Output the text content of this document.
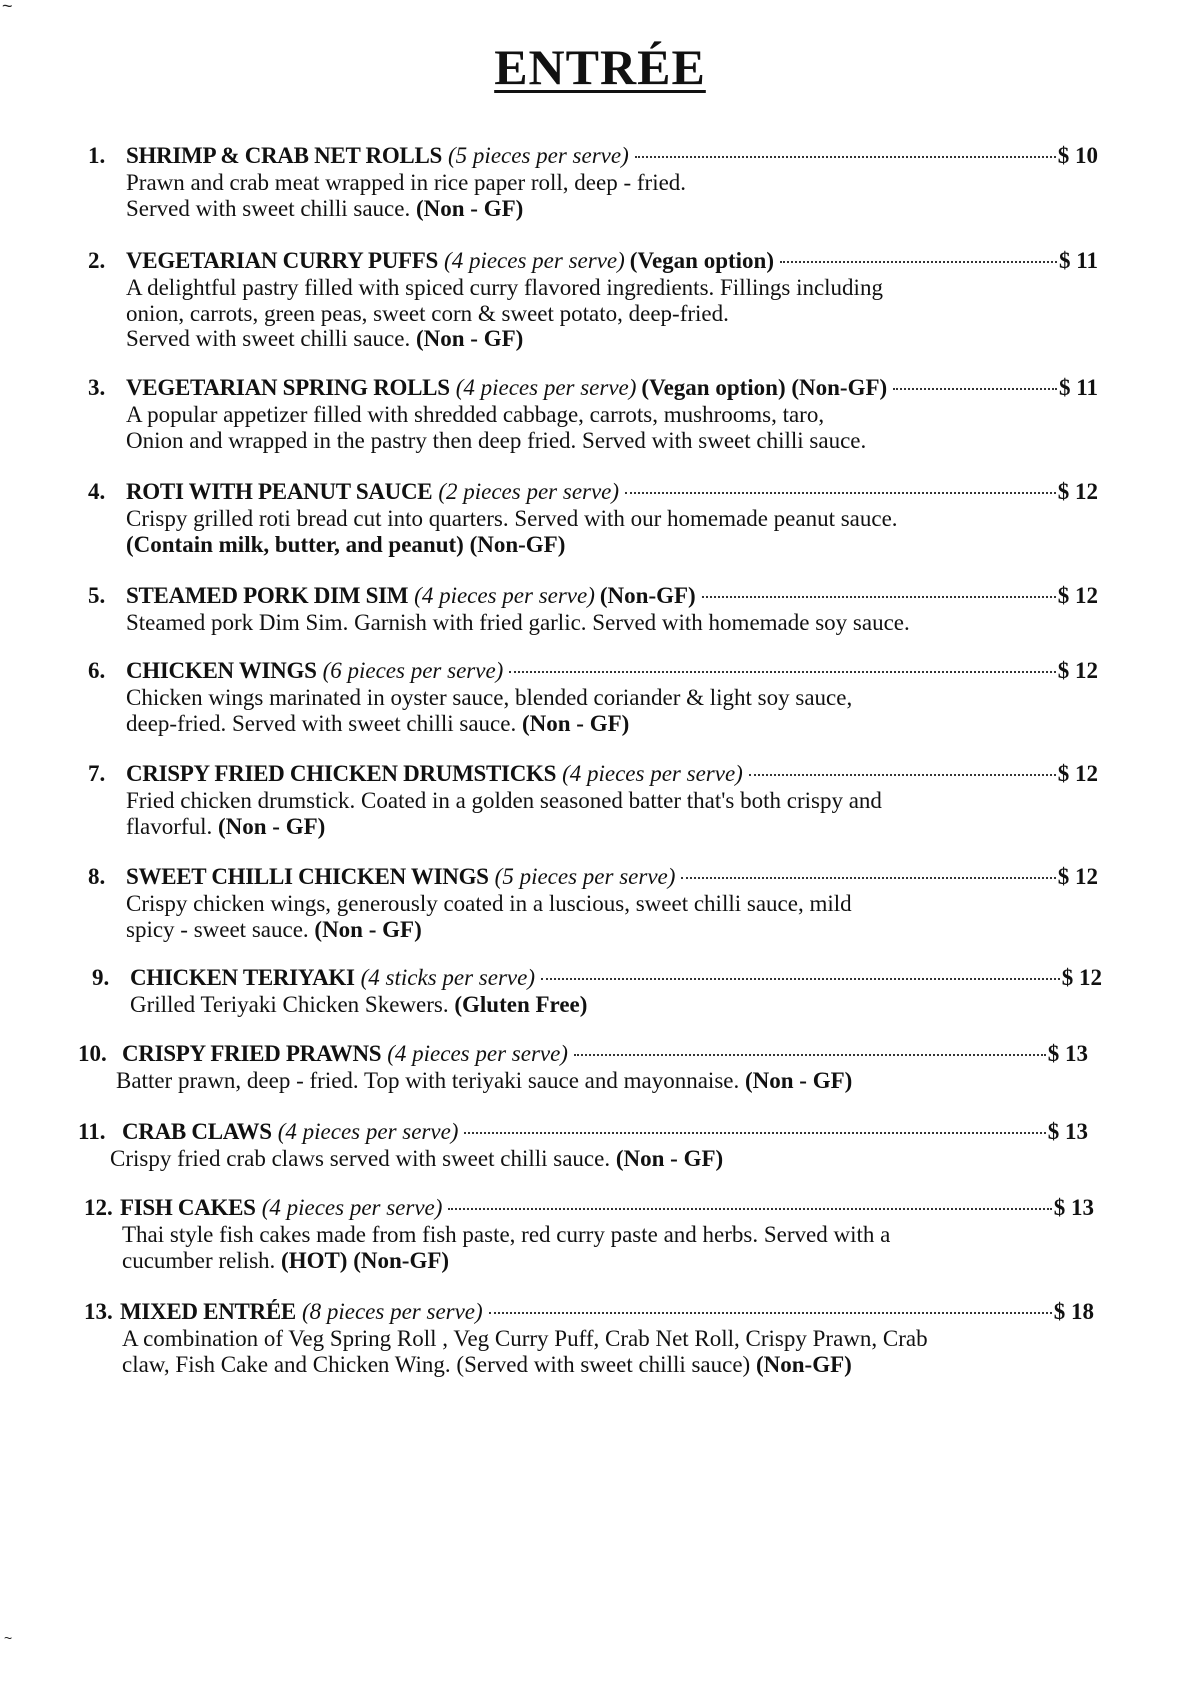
~
~
ENTRÉE
1. SHRIMP & CRAB NET ROLLS (5 pieces per serve)	$ 10
Prawn and crab meat wrapped in rice paper roll, deep - fried.
Served with sweet chilli sauce. (Non - GF)
2. VEGETARIAN CURRY PUFFS (4 pieces per serve) (Vegan option)	$ 11
A delightful pastry filled with spiced curry flavored ingredients. Fillings including
onion, carrots, green peas, sweet corn & sweet potato, deep-fried.
Served with sweet chilli sauce. (Non - GF)
3. VEGETARIAN SPRING ROLLS (4 pieces per serve) (Vegan option) (Non-GF)	$ 11
A popular appetizer filled with shredded cabbage, carrots, mushrooms, taro,
Onion and wrapped in the pastry then deep fried. Served with sweet chilli sauce.
4. ROTI WITH PEANUT SAUCE (2 pieces per serve)	$ 12
Crispy grilled roti bread cut into quarters. Served with our homemade peanut sauce.
(Contain milk, butter, and peanut) (Non-GF)
5. STEAMED PORK DIM SIM (4 pieces per serve) (Non-GF)	$ 12
Steamed pork Dim Sim. Garnish with fried garlic. Served with homemade soy sauce.
6. CHICKEN WINGS (6 pieces per serve)	$ 12
Chicken wings marinated in oyster sauce, blended coriander & light soy sauce,
deep-fried. Served with sweet chilli sauce. (Non - GF)
7. CRISPY FRIED CHICKEN DRUMSTICKS (4 pieces per serve)	$ 12
Fried chicken drumstick. Coated in a golden seasoned batter that's both crispy and
flavorful. (Non - GF)
8. SWEET CHILLI CHICKEN WINGS (5 pieces per serve)	$ 12
Crispy chicken wings, generously coated in a luscious, sweet chilli sauce, mild
spicy - sweet sauce. (Non - GF)
9. CHICKEN TERIYAKI (4 sticks per serve)	$ 12
Grilled Teriyaki Chicken Skewers. (Gluten Free)
10. CRISPY FRIED PRAWNS (4 pieces per serve)	$ 13
Batter prawn, deep - fried. Top with teriyaki sauce and mayonnaise. (Non - GF)
11. CRAB CLAWS (4 pieces per serve)	$ 13
Crispy fried crab claws served with sweet chilli sauce. (Non - GF)
12. FISH CAKES (4 pieces per serve)	$ 13
Thai style fish cakes made from fish paste, red curry paste and herbs. Served with a
cucumber relish. (HOT) (Non-GF)
13. MIXED ENTRÉE (8 pieces per serve)	$ 18
A combination of Veg Spring Roll , Veg Curry Puff, Crab Net Roll, Crispy Prawn, Crab
claw, Fish Cake and Chicken Wing. (Served with sweet chilli sauce) (Non-GF)
